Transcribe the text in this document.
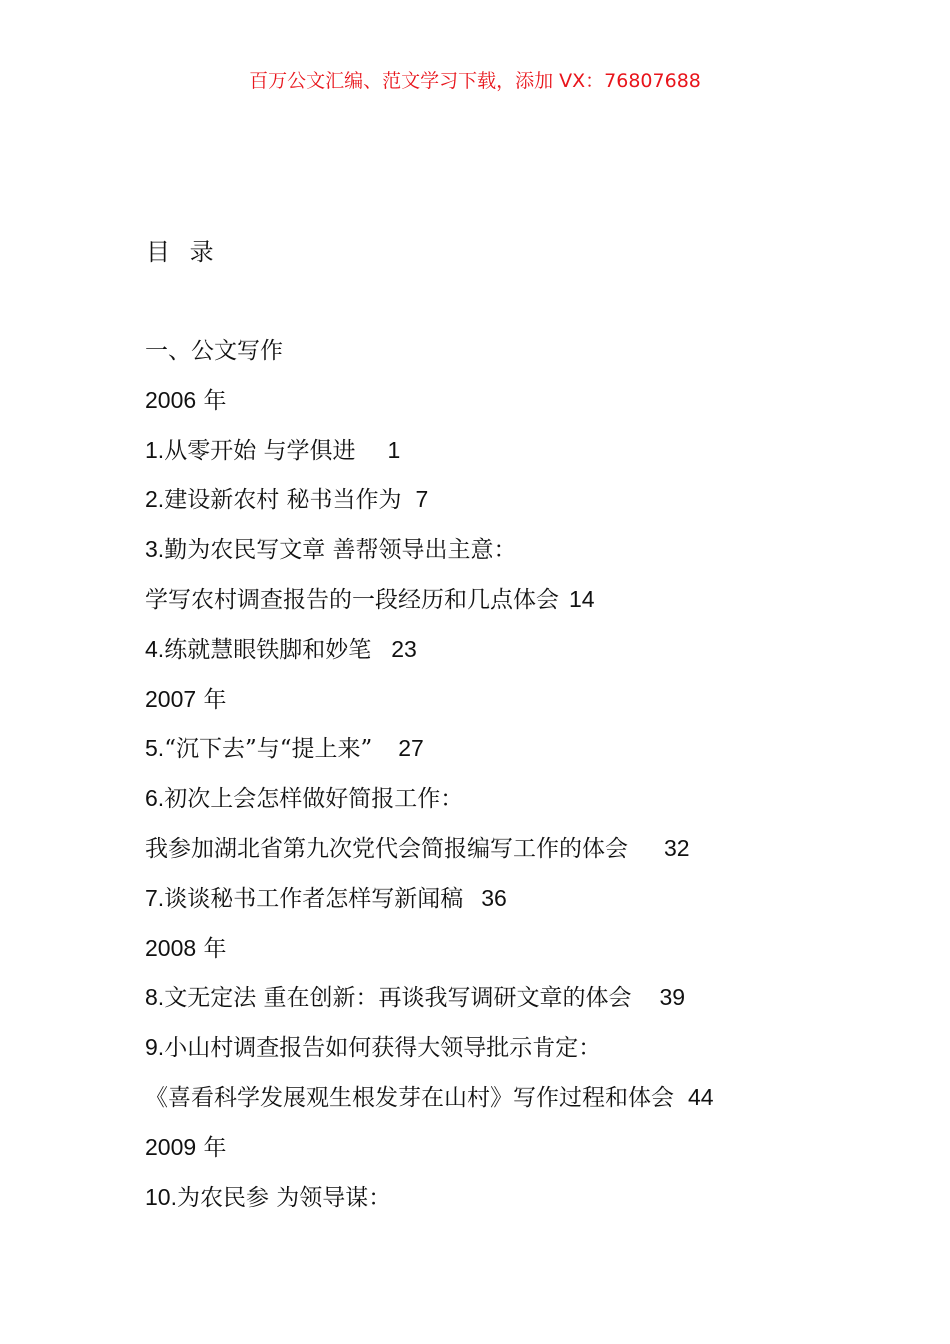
百万公文汇编、范文学习下载，添加 VX：76807688
目 录
一、公文写作
2006 年
1.从零开始 与学俱进 1
2.建设新农村 秘书当作为 7
3.勤为农民写文章 善帮领导出主意：
学写农村调查报告的一段经历和几点体会 14
4.练就慧眼铁脚和妙笔 23
2007 年
5.“沉下去”与“提上来” 27
6.初次上会怎样做好简报工作：
我参加湖北省第九次党代会简报编写工作的体会 32
7.谈谈秘书工作者怎样写新闻稿 36
2008 年
8.文无定法 重在创新：再谈我写调研文章的体会 39
9.小山村调查报告如何获得大领导批示肯定：
《喜看科学发展观生根发芽在山村》写作过程和体会 44
2009 年
10.为农民参 为领导谋：
